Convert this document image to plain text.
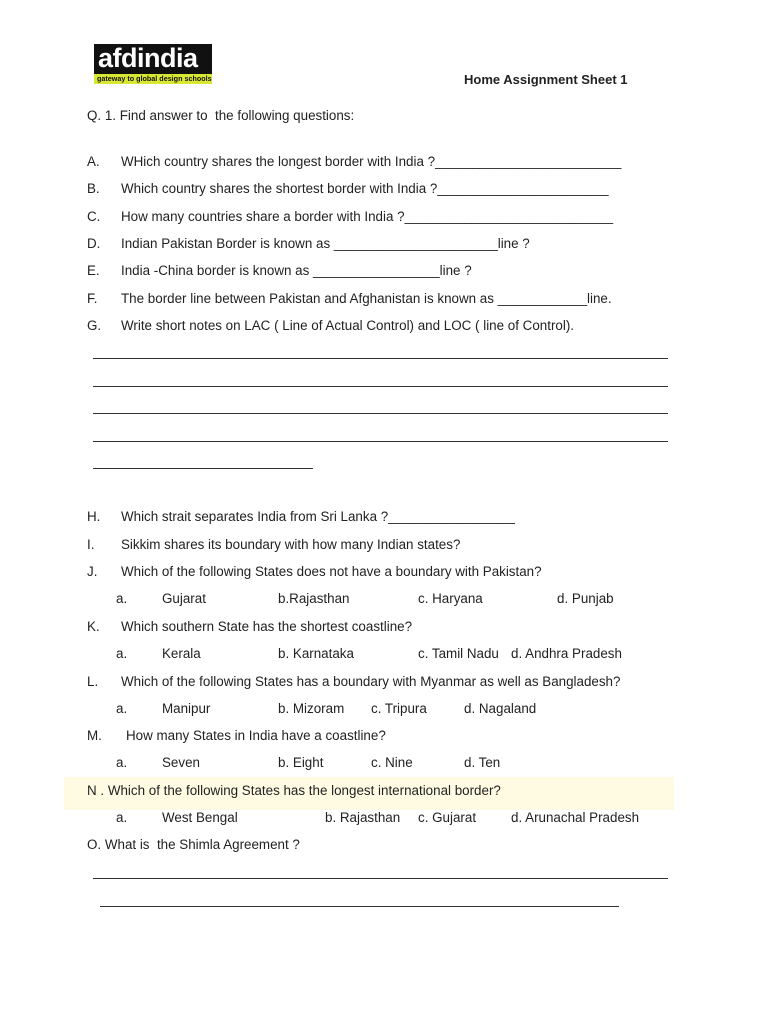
afdindia
gateway to global design schools	Home Assignment Sheet 1
Q. 1. Find answer to  the following questions:
A. WHich country shares the longest border with India ?_________________________
B. Which country shares the shortest border with India ?_______________________
C. How many countries share a border with India ?____________________________
D. Indian Pakistan Border is known as ______________________line ?
E. India -China border is known as _________________line ?
F. The border line between Pakistan and Afghanistan is known as ____________line.
G. Write short notes on LAC ( Line of Actual Control) and LOC ( line of Control).
H. Which strait separates India from Sri Lanka ?_________________
I. Sikkim shares its boundary with how many Indian states?
J. Which of the following States does not have a boundary with Pakistan?
a.	Gujarat	b.Rajasthan	c. Haryana	d. Punjab
K. Which southern State has the shortest coastline?
a.	Kerala	b. Karnataka	c. Tamil Nadu d. Andhra Pradesh
L. Which of the following States has a boundary with Myanmar as well as Bangladesh?
a.	Manipur	b. Mizoram c. Tripura	d. Nagaland
M. How many States in India have a coastline?
a.	Seven	b. Eight	c. Nine	d. Ten
N . Which of the following States has the longest international border?
a.	West Bengal	b. Rajasthan c. Gujarat	d. Arunachal Pradesh
O. What is  the Shimla Agreement ?
